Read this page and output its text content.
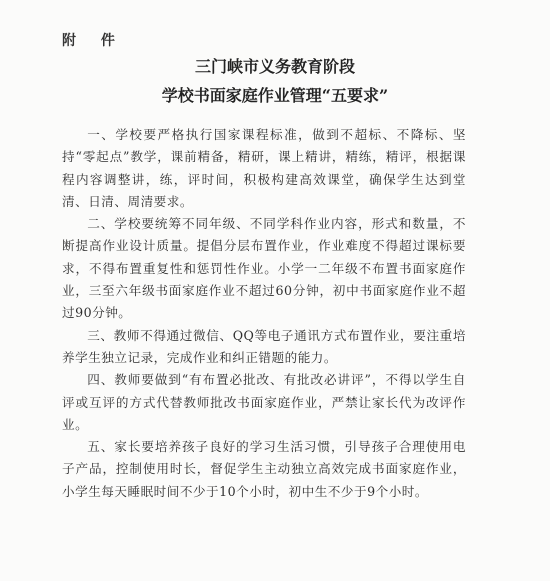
附 件
三门峡市义务教育阶段
学校书面家庭作业管理“五要求”

一、学校要严格执行国家课程标准，做到不超标、不降标、坚持“零起点”教学，课前精备，精研，课上精讲，精练，精评，根据课程内容调整讲，练，评时间，积极构建高效课堂，确保学生达到堂清、日清、周清要求。

二、学校要统筹不同年级、不同学科作业内容，形式和数量，不断提高作业设计质量。提倡分层布置作业，作业难度不得超过课标要求，不得布置重复性和惩罚性作业。小学一二年级不布置书面家庭作业，三至六年级书面家庭作业不超过60分钟，初中书面家庭作业不超过90分钟。

三、教师不得通过微信、QQ等电子通讯方式布置作业，要注重培养学生独立记录，完成作业和纠正错题的能力。

四、教师要做到“有布置必批改、有批改必讲评”，不得以学生自评或互评的方式代替教师批改书面家庭作业，严禁让家长代为改评作业。

五、家长要培养孩子良好的学习生活习惯，引导孩子合理使用电子产品，控制使用时长，督促学生主动独立高效完成书面家庭作业，小学生每天睡眠时间不少于10个小时，初中生不少于9个小时。
